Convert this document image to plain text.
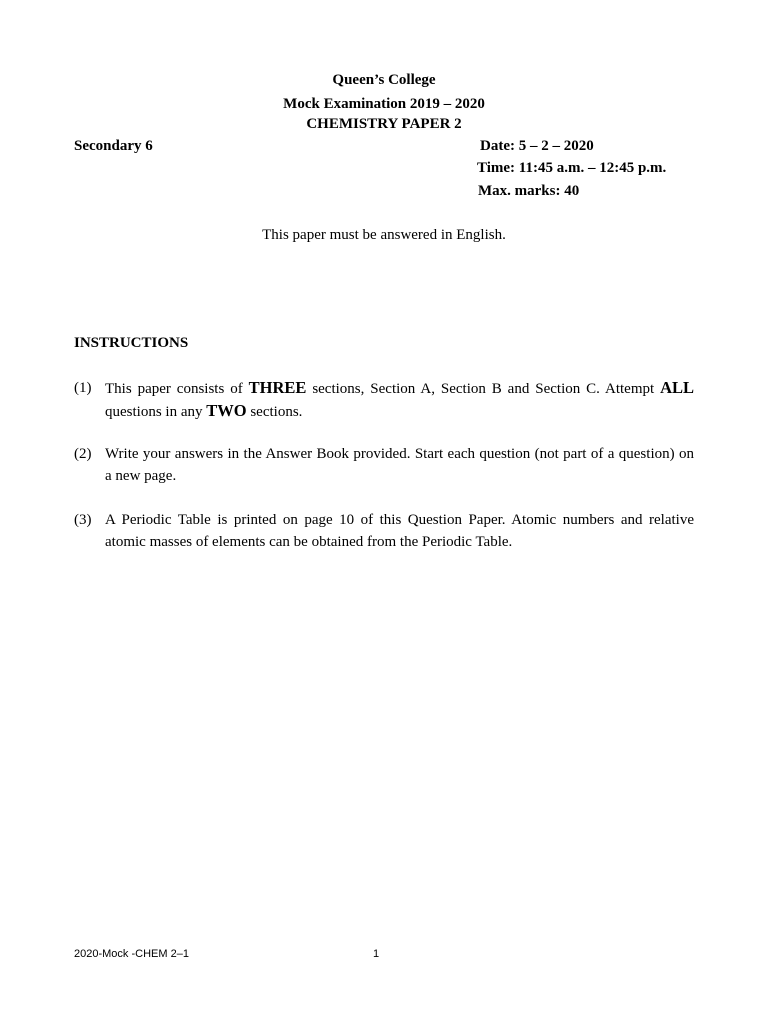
Queen’s College
Mock Examination 2019 – 2020
CHEMISTRY PAPER 2
Secondary 6	Date: 5 – 2 – 2020
Time: 11:45 a.m. – 12:45 p.m.
Max. marks: 40
This paper must be answered in English.
INSTRUCTIONS
(1) This paper consists of THREE sections, Section A, Section B and Section C. Attempt ALL questions in any TWO sections.
(2) Write your answers in the Answer Book provided. Start each question (not part of a question) on a new page.
(3) A Periodic Table is printed on page 10 of this Question Paper. Atomic numbers and relative atomic masses of elements can be obtained from the Periodic Table.
2020-Mock -CHEM 2–1	1
